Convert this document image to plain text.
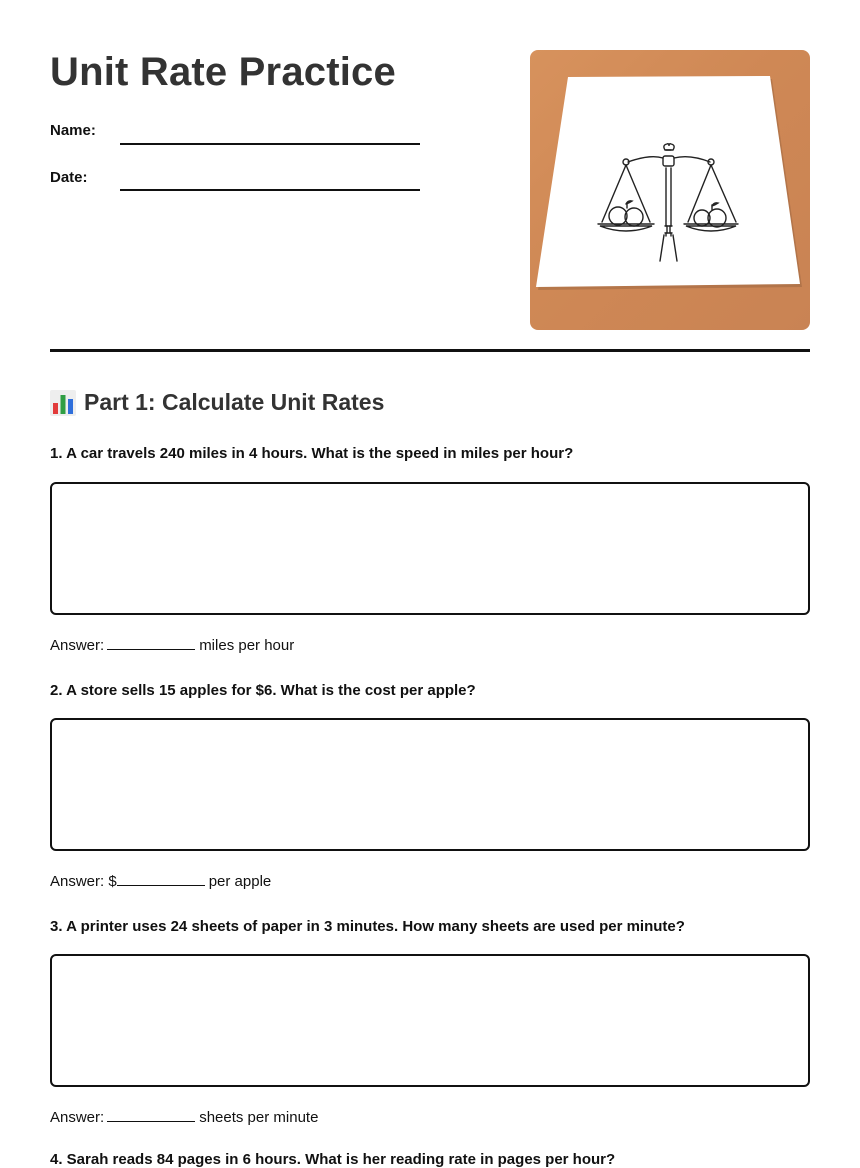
Unit Rate Practice
Name:
Date:
Part 1: Calculate Unit Rates
1. A car travels 240 miles in 4 hours. What is the speed in miles per hour?
Answer:	miles per hour
2. A store sells 15 apples for $6. What is the cost per apple?
Answer: $	per apple
3. A printer uses 24 sheets of paper in 3 minutes. How many sheets are used per minute?
Answer:	sheets per minute
4. Sarah reads 84 pages in 6 hours. What is her reading rate in pages per hour?
